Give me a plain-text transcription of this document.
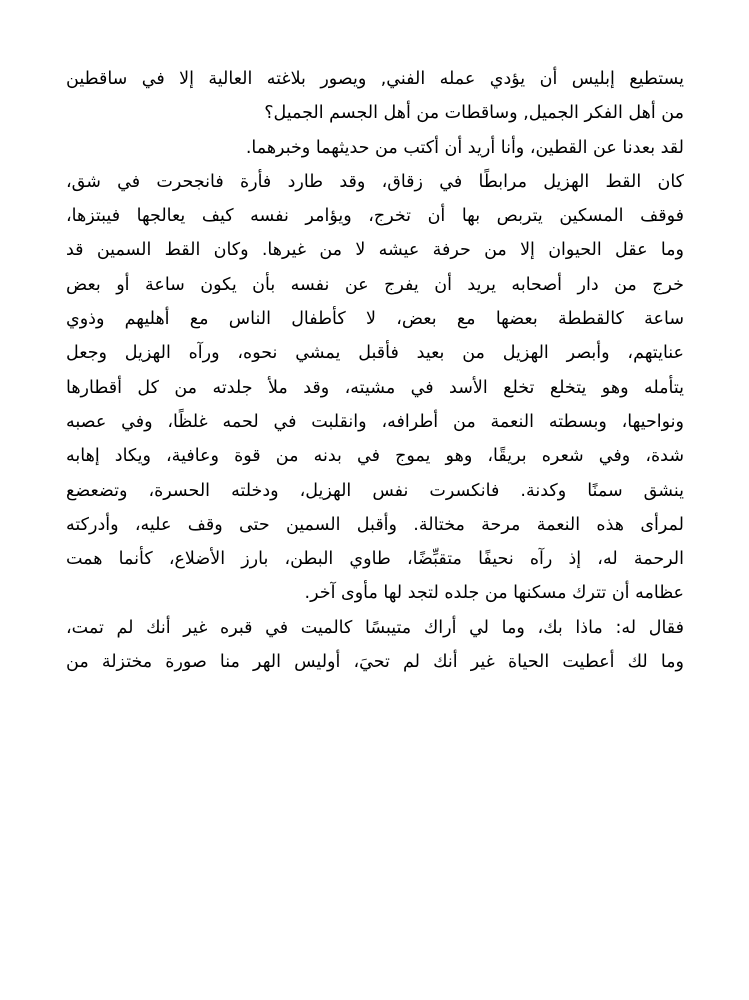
يستطيع إبليس أن يؤدي عمله الفني, ويصور بلاغته العالية إلا في ساقطين
من أهل الفكر الجميل, وساقطات من أهل الجسم الجميل؟
لقد بعدنا عن القطين، وأنا أريد أن أكتب من حديثهما وخبرهما.
كان القط الهزيل مرابطًا في زقاق، وقد طارد فأرة فانجحرت في شق،
فوقف المسكين يتربص بها أن تخرج، ويؤامر نفسه كيف يعالجها فيبتزها،
وما عقل الحيوان إلا من حرفة عيشه لا من غيرها. وكان القط السمين قد
خرج من دار أصحابه يريد أن يفرج عن نفسه بأن يكون ساعة أو بعض
ساعة كالقططة بعضها مع بعض، لا كأطفال الناس مع أهليهم وذوي
عنايتهم، وأبصر الهزيل من بعيد فأقبل يمشي نحوه، ورآه الهزيل وجعل
يتأمله وهو يتخلع تخلع الأسد في مشيته، وقد ملأ جلدته من كل أقطارها
ونواحيها، وبسطته النعمة من أطرافه، وانقلبت في لحمه غلظًا، وفي عصبه
شدة، وفي شعره بريقًا، وهو يموج في بدنه من قوة وعافية، ويكاد إهابه
ينشق سمنًا وكدنة. فانكسرت نفس الهزيل، ودخلته الحسرة، وتضعضع
لمرأى هذه النعمة مرحة مختالة. وأقبل السمين حتى وقف عليه، وأدركته
الرحمة له، إذ رآه نحيفًا متقبِّضًا، طاوي البطن، بارز الأضلاع، كأنما همت
عظامه أن تترك مسكنها من جلده لتجد لها مأوى آخر.
فقال له: ماذا بك، وما لي أراك متيبسًا كالميت في قبره غير أنك لم تمت،
وما لك أعطيت الحياة غير أنك لم تحيَ، أوليس الهر منا صورة مختزلة من
